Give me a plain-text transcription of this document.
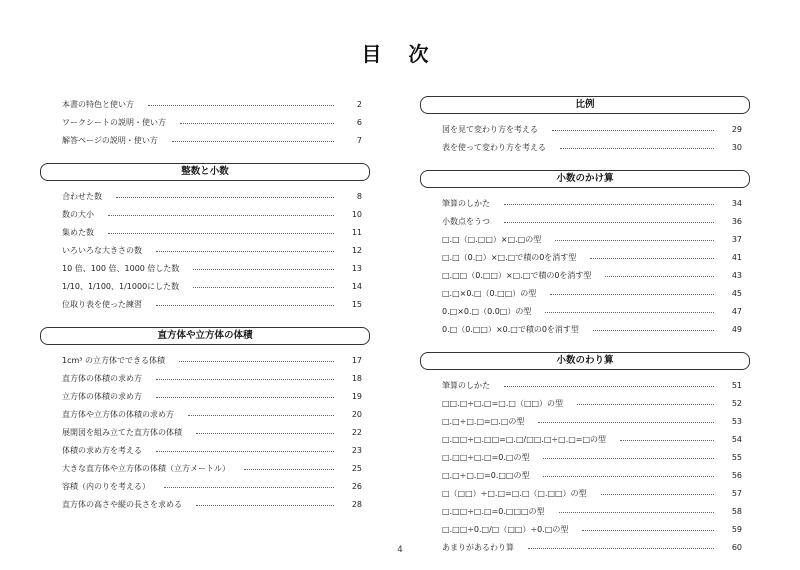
目 次
本書の特色と使い方	2
ワークシートの説明・使い方	6
解答ページの説明・使い方	7
整数と小数
合わせた数	8
数の大小	10
集めた数	11
いろいろな大きさの数	12
10 倍、100 倍、1000 倍した数	13
1/10、1/100、1/1000にした数	14
位取り表を使った練習	15
直方体や立方体の体積
1cm³ の立方体でできる体積	17
直方体の体積の求め方	18
立方体の体積の求め方	19
直方体や立方体の体積の求め方	20
展開図を組み立てた直方体の体積	22
体積の求め方を考える	23
大きな直方体や立方体の体積（立方メートル）	25
容積（内のりを考える）	26
直方体の高さや縦の長さを求める	28
比例
図を見て変わり方を考える	29
表を使って変わり方を考える	30
小数のかけ算
筆算のしかた	34
小数点をうつ	36
□.□（□.□□）×□.□の型	37
□.□（0.□）×□.□で積の0を消す型	41
□.□□（0.□□）×□.□で積の0を消す型	43
□.□×0.□（0.□□）の型	45
0.□×0.□（0.0□）の型	47
0.□（0.□□）×0.□で積の0を消す型	49
小数のわり算
筆算のしかた	51
□□.□÷□.□=□.□（□□）の型	52
□.□÷□.□=□.□の型	53
□.□□÷□.□□=□.□/□□.□÷□.□=□の型	54
□.□□÷□.□=0.□の型	55
□.□÷□.□=0.□□の型	56
□（□□）÷□.□=□.□（□.□□）の型	57
□.□□÷□.□=0.□□□の型	58
□.□□÷0.□/□（□□）÷0.□の型	59
あまりがあるわり算	60
4
